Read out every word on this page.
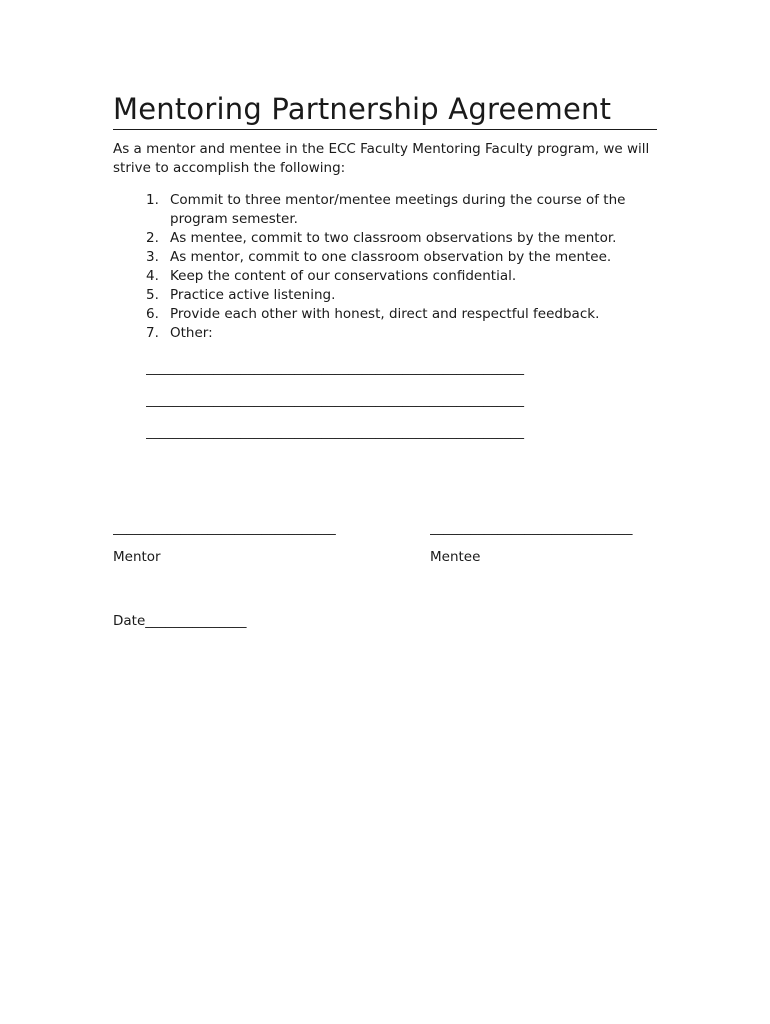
Mentoring Partnership Agreement

As a mentor and mentee in the ECC Faculty Mentoring Faculty program, we will strive to accomplish the following:

1. Commit to three mentor/mentee meetings during the course of the program semester.
2. As mentee, commit to two classroom observations by the mentor.
3. As mentor, commit to one classroom observation by the mentee.
4. Keep the content of our conservations confidential.
5. Practice active listening.
6. Provide each other with honest, direct and respectful feedback.
7. Other:
________________________________________________________
________________________________________________________
________________________________________________________
_________________________________	______________________________
Mentor	Mentee
Date_______________
